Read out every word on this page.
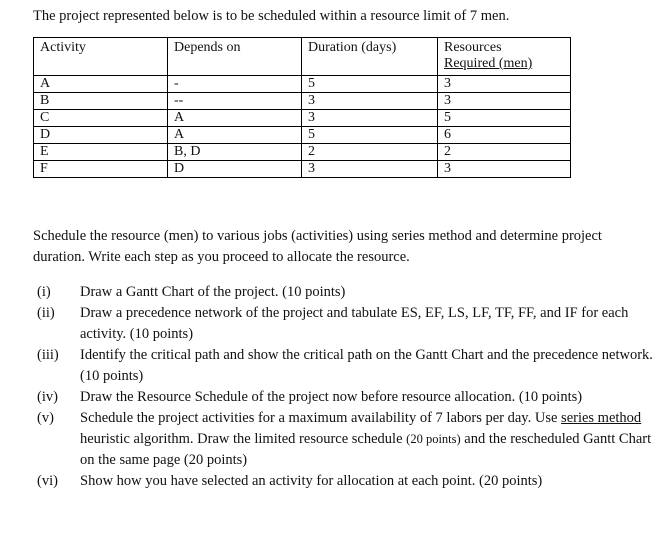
The project represented below is to be scheduled within a resource limit of 7 men.
Activity	Depends on	Duration (days)	Resources
Required (men)

A	-	5	3
B	--	3	3
C	A	3	5
D	A	5	6
E	B, D	2	2
F	D	3	3
Schedule the resource (men) to various jobs (activities) using series method and determine project duration. Write each step as you proceed to allocate the resource.
(i)	Draw a Gantt Chart of the project. (10 points)
(ii)	Draw a precedence network of the project and tabulate ES, EF, LS, LF, TF, FF, and IF for each activity. (10 points)
(iii)	Identify the critical path and show the critical path on the Gantt Chart and the precedence network. (10 points)
(iv)	Draw the Resource Schedule of the project now before resource allocation. (10 points)
(v)	Schedule the project activities for a maximum availability of 7 labors per day. Use series method heuristic algorithm. Draw the limited resource schedule (20 points) and the rescheduled Gantt Chart on the same page (20 points)
(vi)	Show how you have selected an activity for allocation at each point. (20 points)
